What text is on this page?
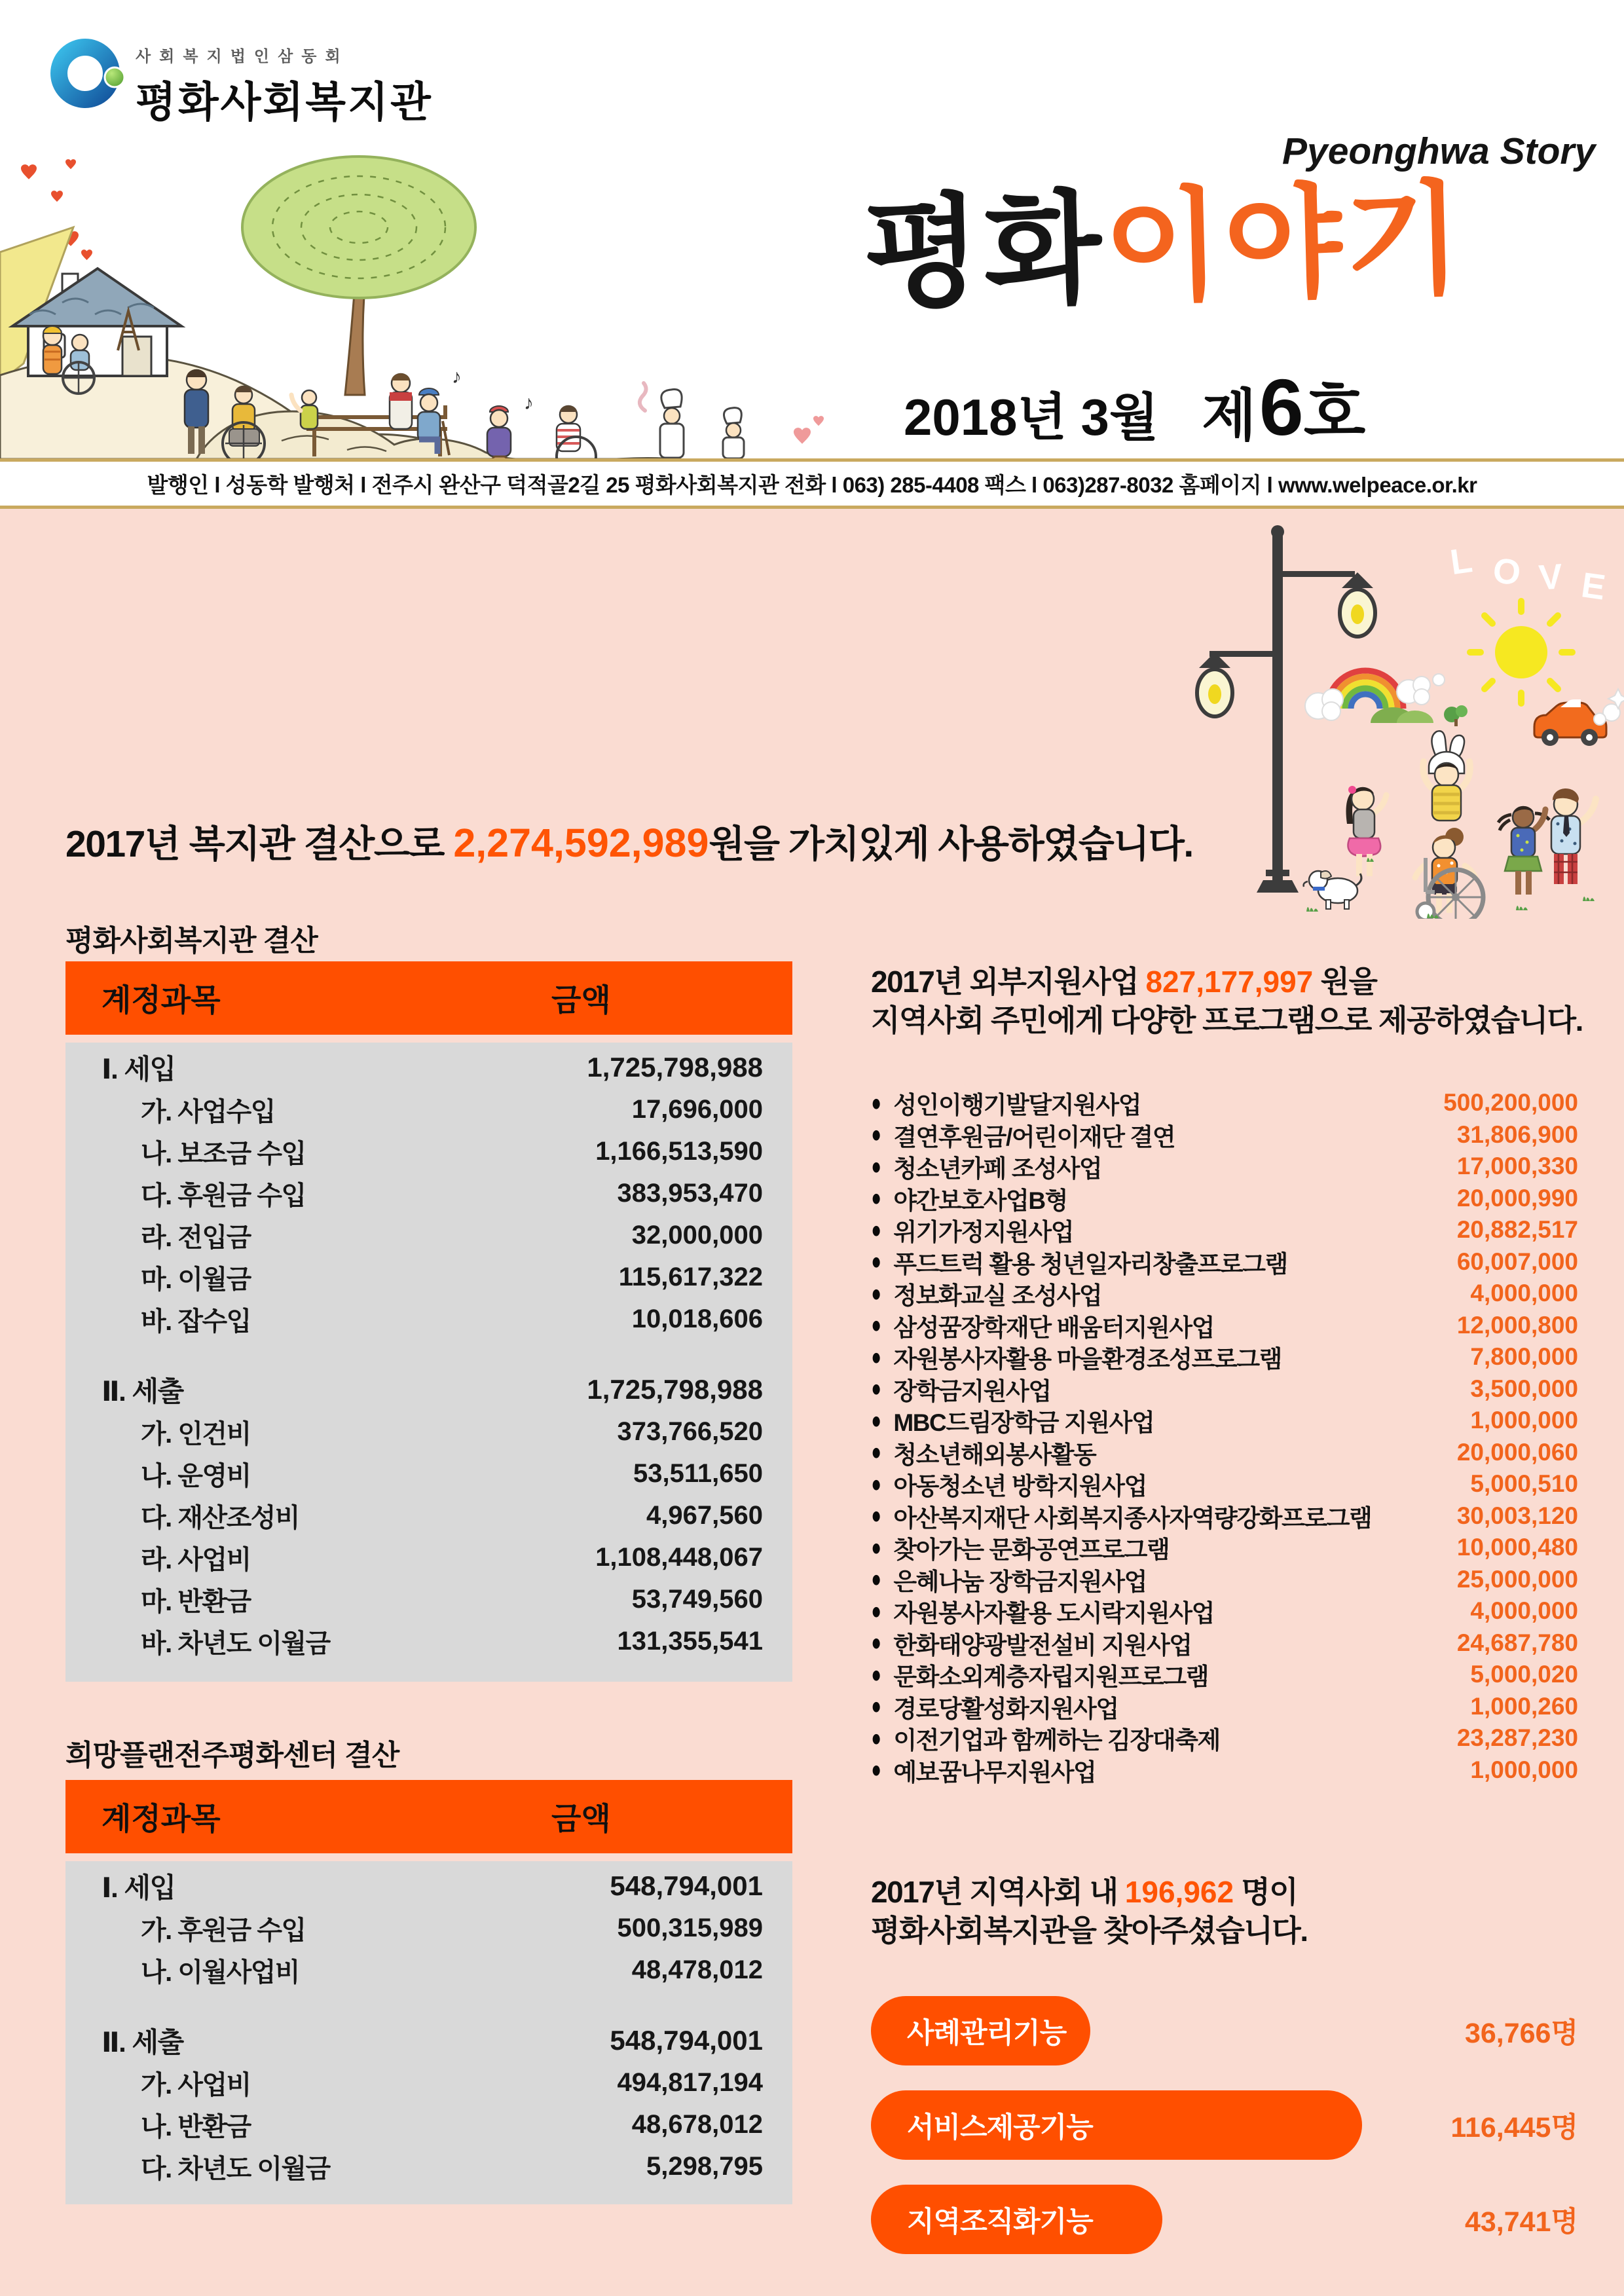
사회복지법인삼동회
평화사회복지관
♪
♪
Pyeonghwa Story
평화이야기
2018년 3월 제 6호
발행인 l 성동학 발행처 l 전주시 완산구 덕적골2길 25 평화사회복지관 전화 l 063) 285-4408 팩스 l 063)287-8032 홈페이지 l www.welpeace.or.kr
L O V E
2017년 복지관 결산으로 2,274,592,989원을 가치있게 사용하였습니다.
평화사회복지관 결산
계정과목	금액
Ⅰ. 세입	1,725,798,988
가. 사업수입	17,696,000
나. 보조금 수입	1,166,513,590
다. 후원금 수입	383,953,470
라. 전입금	32,000,000
마. 이월금	115,617,322
바. 잡수입	10,018,606
Ⅱ. 세출	1,725,798,988
가. 인건비	373,766,520
나. 운영비	53,511,650
다. 재산조성비	4,967,560
라. 사업비	1,108,448,067
마. 반환금	53,749,560
바. 차년도 이월금	131,355,541
희망플랜전주평화센터 결산
계정과목	금액
Ⅰ. 세입	548,794,001
가. 후원금 수입	500,315,989
나. 이월사업비	48,478,012
Ⅱ. 세출	548,794,001
가. 사업비	494,817,194
나. 반환금	48,678,012
다. 차년도 이월금	5,298,795
2017년 외부지원사업 827,177,997 원을
지역사회 주민에게 다양한 프로그램으로 제공하였습니다.
● 성인이행기발달지원사업	500,200,000
● 결연후원금/어린이재단 결연	31,806,900
● 청소년카페 조성사업	17,000,330
● 야간보호사업B형	20,000,990
● 위기가정지원사업	20,882,517
● 푸드트럭 활용 청년일자리창출프로그램	60,007,000
● 정보화교실 조성사업	4,000,000
● 삼성꿈장학재단 배움터지원사업	12,000,800
● 자원봉사자활용 마을환경조성프로그램	7,800,000
● 장학금지원사업	3,500,000
● MBC드림장학금 지원사업	1,000,000
● 청소년해외봉사활동	20,000,060
● 아동청소년 방학지원사업	5,000,510
● 아산복지재단 사회복지종사자역량강화프로그램	30,003,120
● 찾아가는 문화공연프로그램	10,000,480
● 은혜나눔 장학금지원사업	25,000,000
● 자원봉사자활용 도시락지원사업	4,000,000
● 한화태양광발전설비 지원사업	24,687,780
● 문화소외계층자립지원프로그램	5,000,020
● 경로당활성화지원사업	1,000,260
● 이전기업과 함께하는 김장대축제	23,287,230
● 예보꿈나무지원사업	1,000,000
2017년 지역사회 내 196,962 명이
평화사회복지관을 찾아주셨습니다.
사례관리기능	36,766명
서비스제공기능	116,445명
지역조직화기능	43,741명
